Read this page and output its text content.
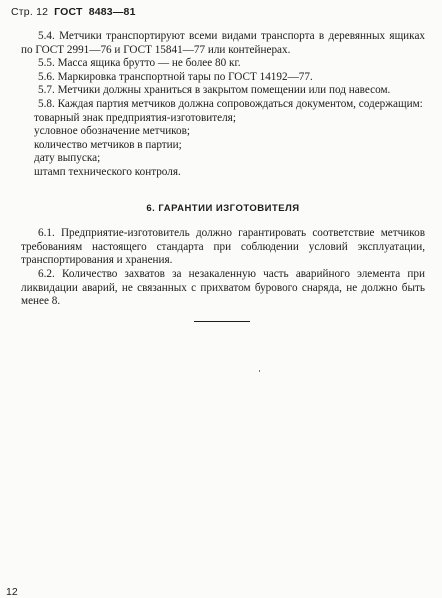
Стр. 12 ГОСТ 8483—81

5.4. Метчики транспортируют всеми видами транспорта в деревянных ящиках по ГОСТ 2991—76 и ГОСТ 15841—77 или контейнерах.

5.5. Масса ящика брутто — не более 80 кг.

5.6. Маркировка транспортной тары по ГОСТ 14192—77.

5.7. Метчики должны храниться в закрытом помещении или под навесом.

5.8. Каждая партия метчиков должна сопровождаться документом, содержащим:

товарный знак предприятия-изготовителя;

условное обозначение метчиков;

количество метчиков в партии;

дату выпуска;

штамп технического контроля.

6. ГАРАНТИИ ИЗГОТОВИТЕЛЯ

6.1. Предприятие-изготовитель должно гарантировать соответствие метчиков требованиям настоящего стандарта при соблюдении условий эксплуатации, транспортирования и хранения.

6.2. Количество захватов за незакаленную часть аварийного элемента при ликвидации аварий, не связанных с прихватом бурового снаряда, не должно быть менее 8.

12
